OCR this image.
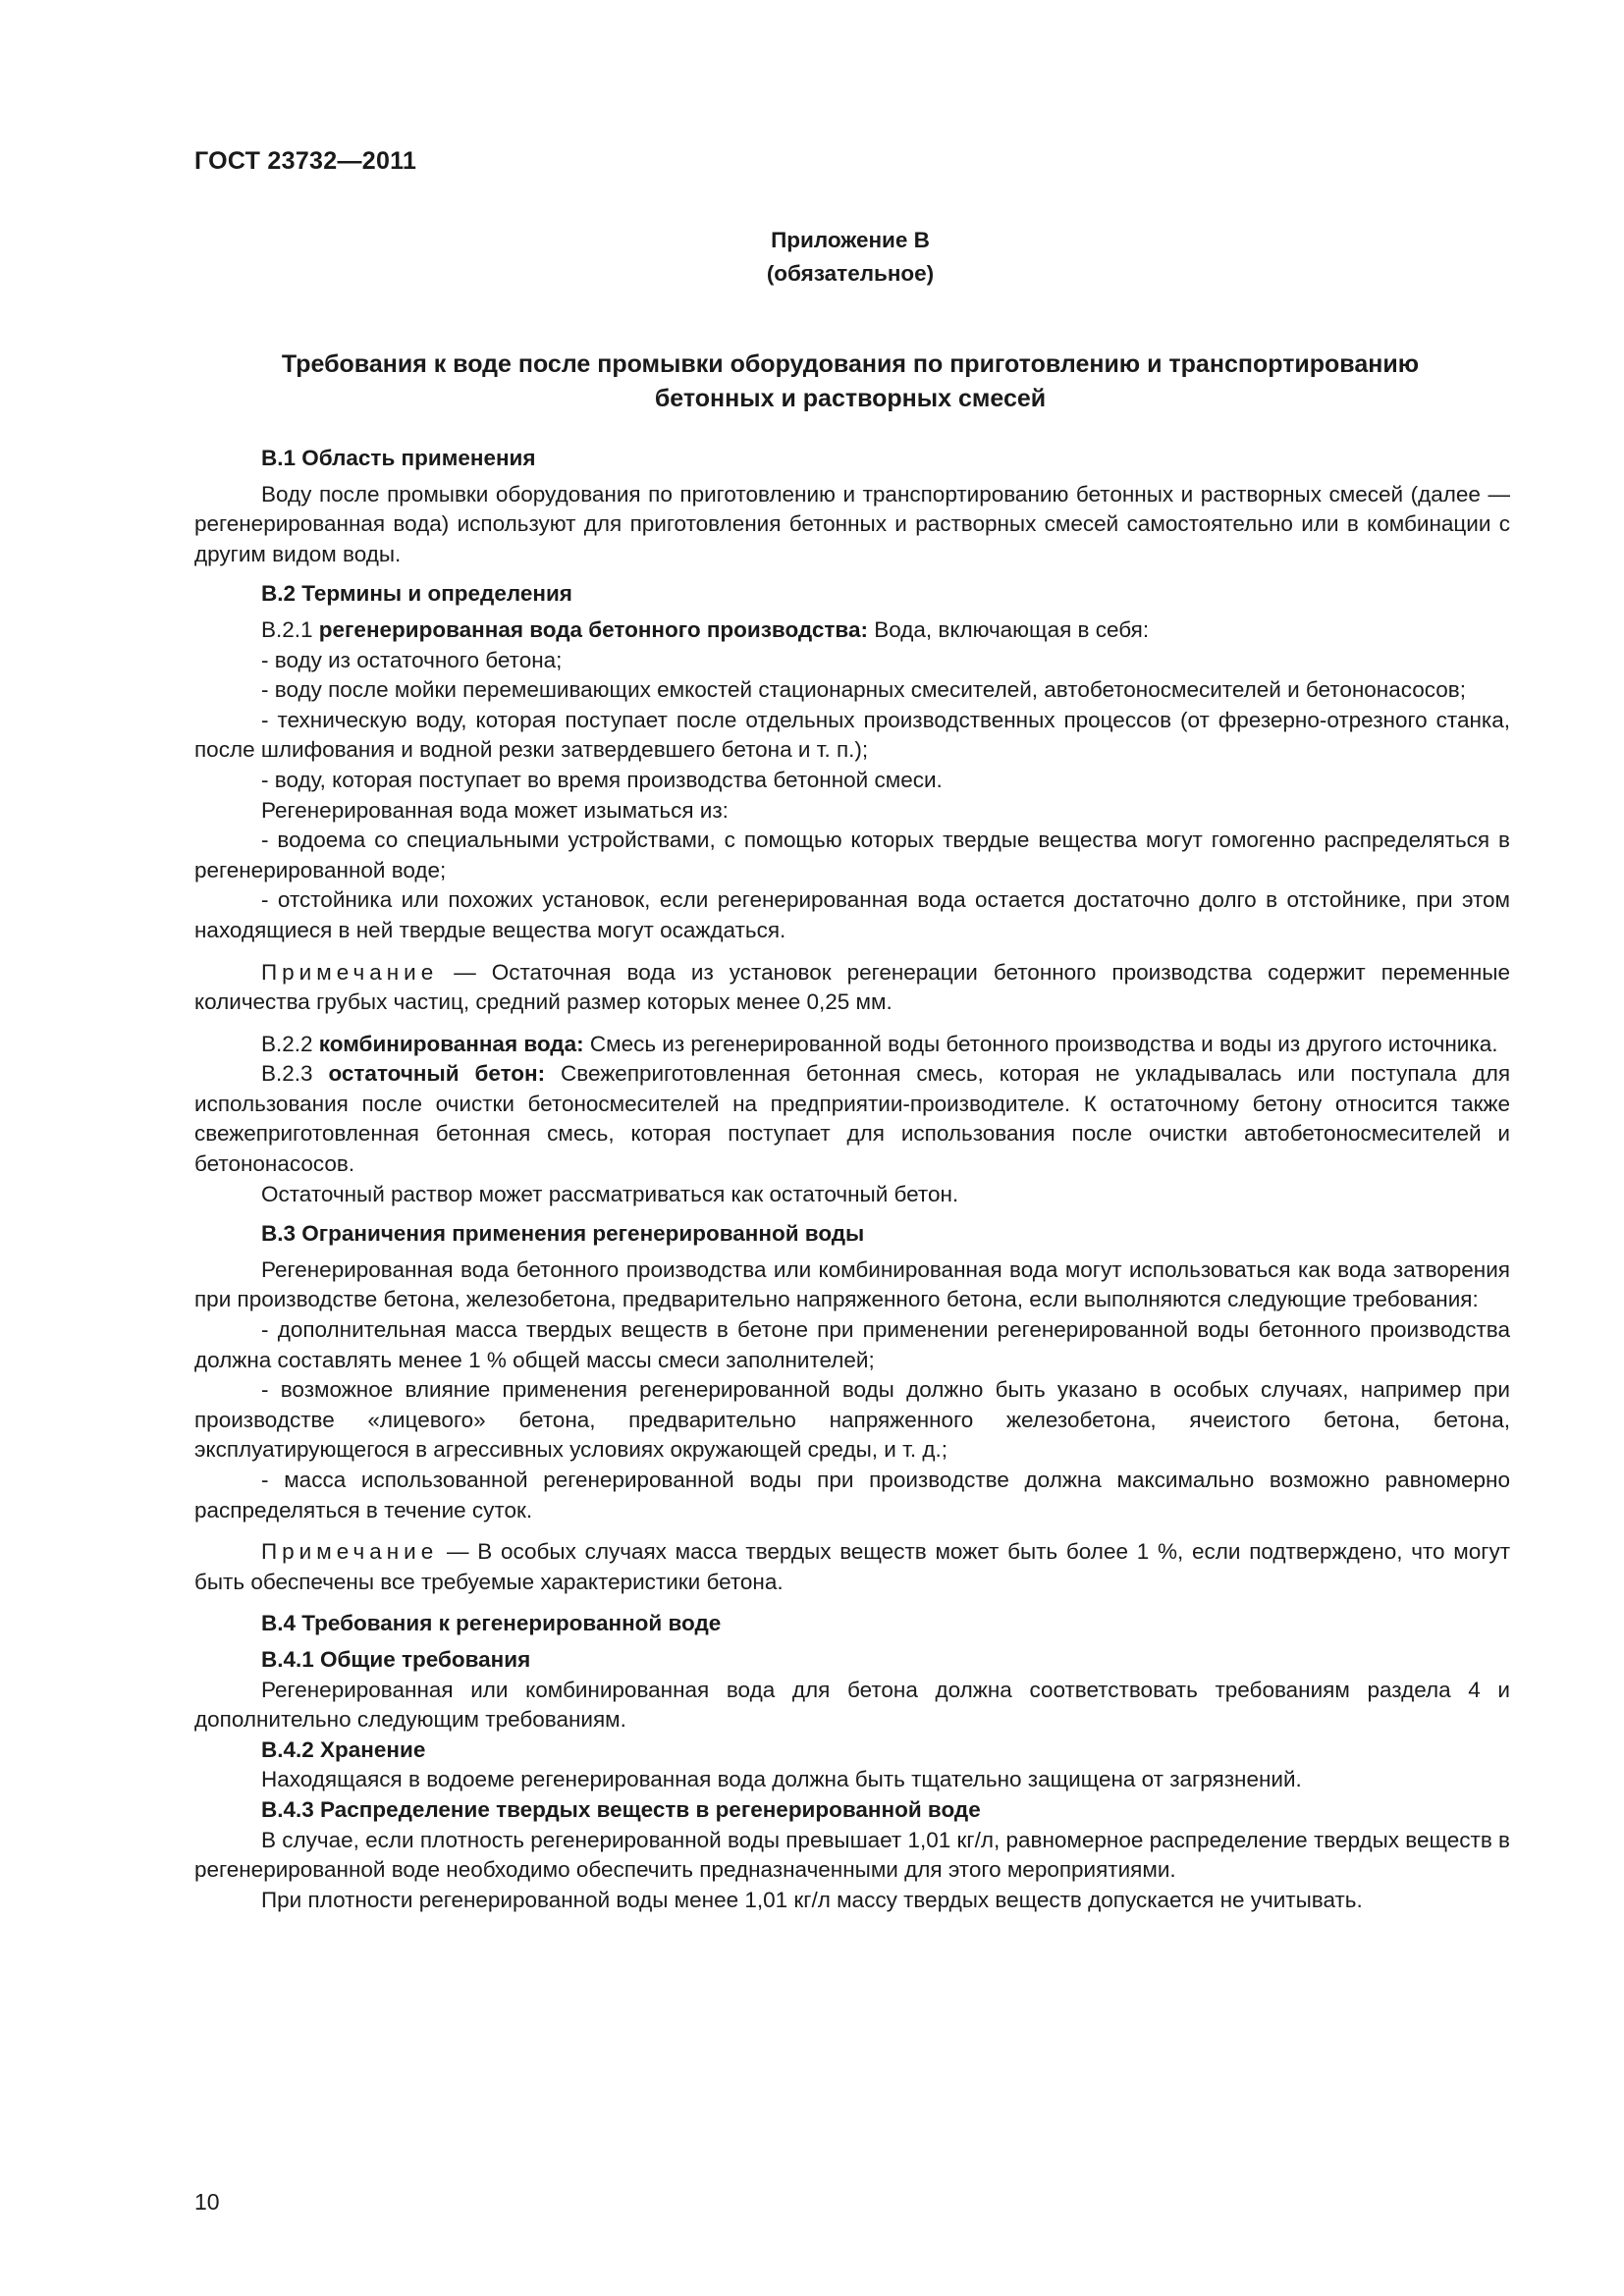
ГОСТ 23732—2011
Приложение В
(обязательное)
Требования к воде после промывки оборудования по приготовлению и транспортированию
бетонных и растворных смесей

В.1 Область применения

Воду после промывки оборудования по приготовлению и транспортированию бетонных и растворных смесей (далее — регенерированная вода) используют для приготовления бетонных и растворных смесей самостоятельно или в комбинации с другим видом воды.

В.2 Термины и определения

В.2.1 регенерированная вода бетонного производства: Вода, включающая в себя:

- воду из остаточного бетона;

- воду после мойки перемешивающих емкостей стационарных смесителей, автобетоносмесителей и бетононасосов;

- техническую воду, которая поступает после отдельных производственных процессов (от фрезерно-отрезного станка, после шлифования и водной резки затвердевшего бетона и т. п.);

- воду, которая поступает во время производства бетонной смеси.

Регенерированная вода может изыматься из:

- водоема со специальными устройствами, с помощью которых твердые вещества могут гомогенно распределяться в регенерированной воде;

- отстойника или похожих установок, если регенерированная вода остается достаточно долго в отстойнике, при этом находящиеся в ней твердые вещества могут осаждаться.

Примечание — Остаточная вода из установок регенерации бетонного производства содержит переменные количества грубых частиц, средний размер которых менее 0,25 мм.

В.2.2 комбинированная вода: Смесь из регенерированной воды бетонного производства и воды из другого источника.

В.2.3 остаточный бетон: Свежеприготовленная бетонная смесь, которая не укладывалась или поступала для использования после очистки бетоносмесителей на предприятии-производителе. К остаточному бетону относится также свежеприготовленная бетонная смесь, которая поступает для использования после очистки автобетоносмесителей и бетононасосов.

Остаточный раствор может рассматриваться как остаточный бетон.

В.3 Ограничения применения регенерированной воды

Регенерированная вода бетонного производства или комбинированная вода могут использоваться как вода затворения при производстве бетона, железобетона, предварительно напряженного бетона, если выполняются следующие требования:

- дополнительная масса твердых веществ в бетоне при применении регенерированной воды бетонного производства должна составлять менее 1 % общей массы смеси заполнителей;

- возможное влияние применения регенерированной воды должно быть указано в особых случаях, например при производстве «лицевого» бетона, предварительно напряженного железобетона, ячеистого бетона, бетона, эксплуатирующегося в агрессивных условиях окружающей среды, и т. д.;

- масса использованной регенерированной воды при производстве должна максимально возможно равномерно распределяться в течение суток.

Примечание — В особых случаях масса твердых веществ может быть более 1 %, если подтверждено, что могут быть обеспечены все требуемые характеристики бетона.

В.4 Требования к регенерированной воде

В.4.1 Общие требования

Регенерированная или комбинированная вода для бетона должна соответствовать требованиям раздела 4 и дополнительно следующим требованиям.

В.4.2 Хранение

Находящаяся в водоеме регенерированная вода должна быть тщательно защищена от загрязнений.

В.4.3 Распределение твердых веществ в регенерированной воде

В случае, если плотность регенерированной воды превышает 1,01 кг/л, равномерное распределение твердых веществ в регенерированной воде необходимо обеспечить предназначенными для этого мероприятиями.

При плотности регенерированной воды менее 1,01 кг/л массу твердых веществ допускается не учитывать.

10
